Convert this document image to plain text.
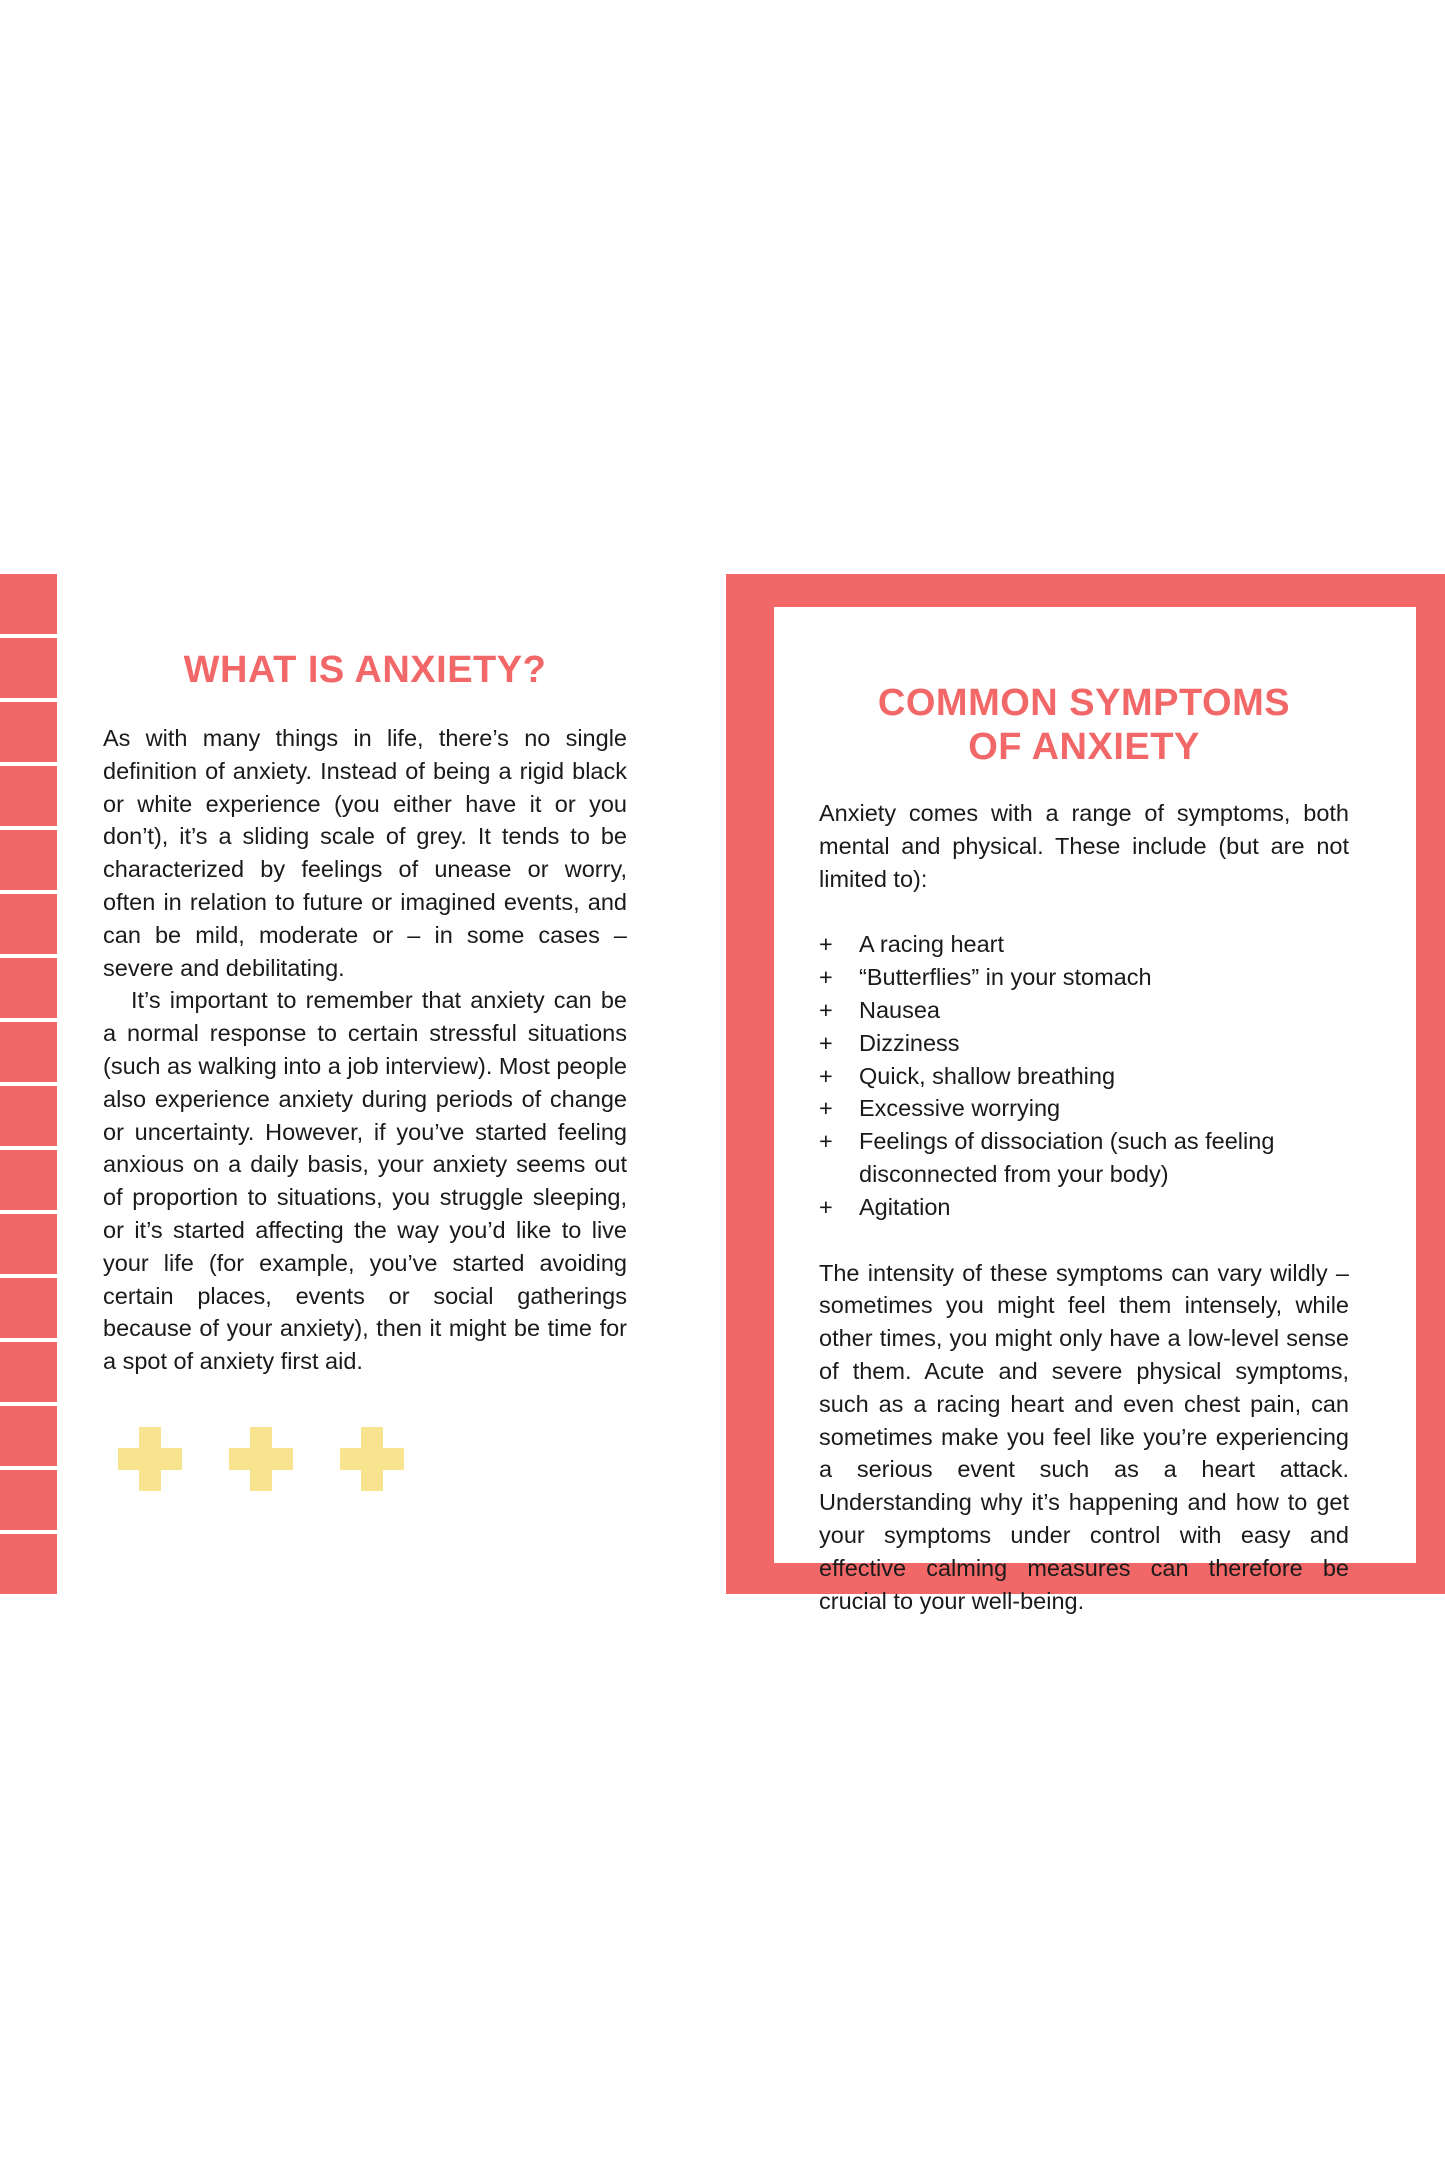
WHAT IS ANXIETY?

As with many things in life, there’s no single definition of anxiety. Instead of being a rigid black or white experience (you either have it or you don’t), it’s a sliding scale of grey. It tends to be characterized by feelings of unease or worry, often in relation to future or imagined events, and can be mild, moderate or – in some cases – severe and debilitating.

It’s important to remember that anxiety can be a normal response to certain stressful situations (such as walking into a job interview). Most people also experience anxiety during periods of change or uncertainty. However, if you’ve started feeling anxious on a daily basis, your anxiety seems out of proportion to situations, you struggle sleeping, or it’s started affecting the way you’d like to live your life (for example, you’ve started avoiding certain places, events or social gatherings because of your anxiety), then it might be time for a spot of anxiety first aid.

COMMON SYMPTOMS
OF ANXIETY

Anxiety comes with a range of symptoms, both mental and physical. These include (but are not limited to):

+ A racing heart
+ “Butterflies” in your stomach
+ Nausea
+ Dizziness
+ Quick, shallow breathing
+ Excessive worrying
+ Feelings of dissociation (such as feeling disconnected from your body)
+ Agitation

The intensity of these symptoms can vary wildly – sometimes you might feel them intensely, while other times, you might only have a low-level sense of them. Acute and severe physical symptoms, such as a racing heart and even chest pain, can sometimes make you feel like you’re experiencing a serious event such as a heart attack. Understanding why it’s happening and how to get your symptoms under control with easy and effective calming measures can therefore be crucial to your well-being.
